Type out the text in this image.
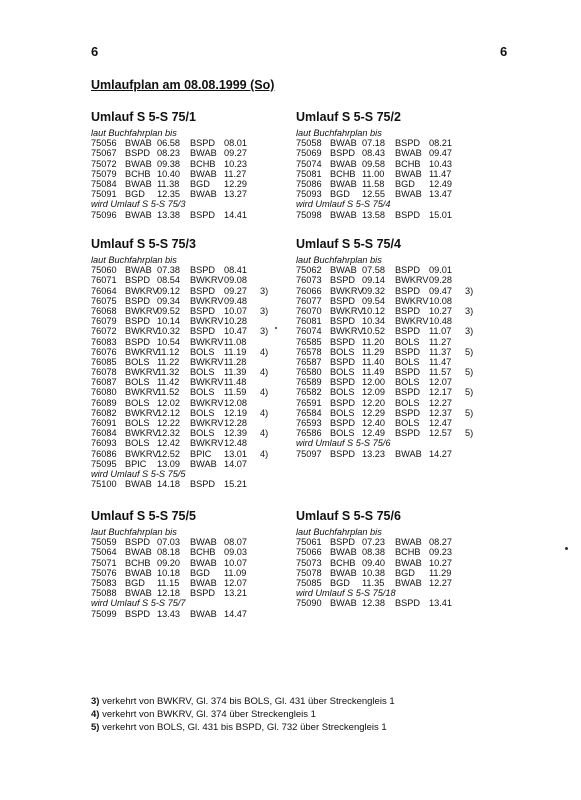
6	6
Umlaufplan am 08.08.1999 (So)
Umlauf S 5-S 75/1
laut Buchfahrplan bis
75056 BWAB 06.58 BSPD 08.01
75067 BSPD 08.23 BWAB 09.27
75072 BWAB 09.38 BCHB 10.23
75079 BCHB 10.40 BWAB 11.27
75084 BWAB 11.38 BGD 12.29
75091 BGD 12.35 BWAB 13.27
wird Umlauf S 5-S 75/3
75096 BWAB 13.38 BSPD 14.41
Umlauf S 5-S 75/2
laut Buchfahrplan bis
75058 BWAB 07.18 BSPD 08.21
75069 BSPD 08.43 BWAB 09.47
75074 BWAB 09.58 BCHB 10.43
75081 BCHB 11.00 BWAB 11.47
75086 BWAB 11.58 BGD 12.49
75093 BGD 12.55 BWAB 13.47
wird Umlauf S 5-S 75/4
75098 BWAB 13.58 BSPD 15.01
Umlauf S 5-S 75/3
laut Buchfahrplan bis
75060 BWAB 07.38 BSPD 08.41
76071 BSPD 08.54 BWKRV 09.08
76064 BWKRV
09.12 BSPD 09.27 3)
76075 BSPD 09.34 BWKRV 09.48
76068 BWKRV
09.52 BSPD 10.07 3)
76079 BSPD 10.14 BWKRV 10.28
76072 BWKRV
10.32 BSPD 10.47 3)
76083 BSPD 10.54 BWKRV 11.08
76076 BWKRV
11.12 BOLS 11.19 4)
76085 BOLS 11.22 BWKRV 11.28
76078 BWKRV
11.32 BOLS 11.39 4)
76087 BOLS 11.42 BWKRV 11.48
76080 BWKRV
11.52 BOLS 11.59 4)
76089 BOLS 12.02 BWKRV 12.08
76082 BWKRV
12.12 BOLS 12.19 4)
76091 BOLS 12.22 BWKRV 12.28
76084 BWKRV
12.32 BOLS 12.39 4)
76093 BOLS 12.42 BWKRV 12.48
76086 BWKRV
12.52 BPIC 13.01 4)
75095 BPIC 13.09 BWAB 14.07
wird Umlauf S 5-S 75/5
75100 BWAB 14.18 BSPD 15.21
Umlauf S 5-S 75/4
laut Buchfahrplan bis
75062 BWAB 07.58 BSPD 09.01
76073 BSPD 09.14 BWKRV 09.28
76066 BWKRV
09.32 BSPD 09.47 3)
76077 BSPD 09.54 BWKRV 10.08
76070 BWKRV
10.12 BSPD 10.27 3)
76081 BSPD 10.34 BWKRV 10.48
76074 BWKRV
10.52 BSPD 11.07 3)
76585 BSPD 11.20 BOLS 11.27
76578 BOLS 11.29 BSPD 11.37 5)
76587 BSPD 11.40 BOLS 11.47
76580 BOLS 11.49 BSPD 11.57 5)
76589 BSPD 12.00 BOLS 12.07
76582 BOLS 12.09 BSPD 12.17 5)
76591 BSPD 12.20 BOLS 12.27
76584 BOLS 12.29 BSPD 12.37 5)
76593 BSPD 12.40 BOLS 12.47
76586 BOLS 12.49 BSPD 12.57 5)
wird Umlauf S 5-S 75/6
75097 BSPD 13.23 BWAB 14.27
Umlauf S 5-S 75/5
laut Buchfahrplan bis
75059 BSPD 07.03 BWAB 08.07
75064 BWAB 08.18 BCHB 09.03
75071 BCHB 09.20 BWAB 10.07
75076 BWAB 10.18 BGD 11.09
75083 BGD 11.15 BWAB 12.07
75088 BWAB 12.18 BSPD 13.21
wird Umlauf S 5-S 75/7
75099 BSPD 13.43 BWAB 14.47
Umlauf S 5-S 75/6
laut Buchfahrplan bis
75061 BSPD 07.23 BWAB 08.27
75066 BWAB 08.38 BCHB 09.23
75073 BCHB 09.40 BWAB 10.27
75078 BWAB 10.38 BGD 11.29
75085 BGD 11.35 BWAB 12.27
wird Umlauf S 5-S 75/18
75090 BWAB 12.38 BSPD 13.41
3) verkehrt von BWKRV, Gl. 374 bis BOLS, Gl. 431 über Streckengleis 1
4) verkehrt von BWKRV, Gl. 374 über Streckengleis 1
5) verkehrt von BOLS, Gl. 431 bis BSPD, Gl. 732 über Streckengleis 1
